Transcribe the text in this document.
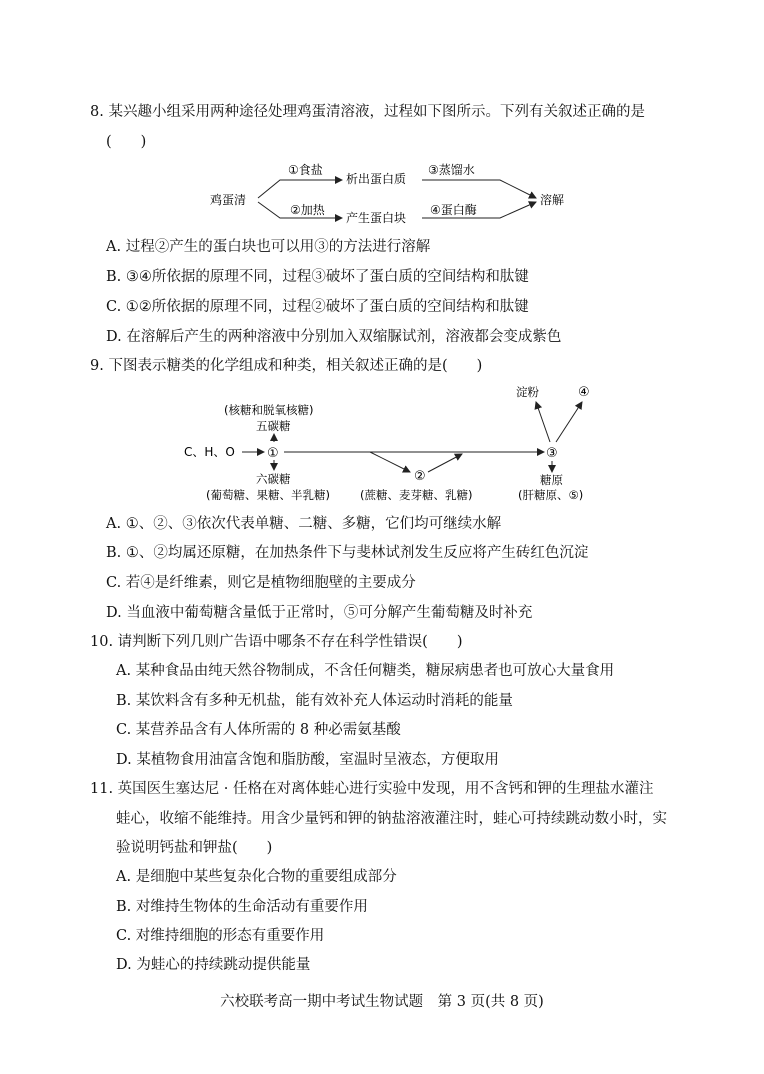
8. 某兴趣小组采用两种途径处理鸡蛋清溶液，过程如下图所示。下列有关叙述正确的是
(　　)
鸡蛋清
①食盐
②加热
析出蛋白质
产生蛋白块
③蒸馏水
④蛋白酶
溶解
A. 过程②产生的蛋白块也可以用③的方法进行溶解
B. ③④所依据的原理不同，过程③破坏了蛋白质的空间结构和肽键
C. ①②所依据的原理不同，过程②破坏了蛋白质的空间结构和肽键
D. 在溶解后产生的两种溶液中分别加入双缩脲试剂，溶液都会变成紫色
9. 下图表示糖类的化学组成和种类，相关叙述正确的是(　　)
C、H、O ①
(核糖和脱氧核糖)
五碳糖
六碳糖
(葡萄糖、果糖、半乳糖)
②
(蔗糖、麦芽糖、乳糖)
③
淀粉	④
糖原
(肝糖原、⑤)
A. ①、②、③依次代表单糖、二糖、多糖，它们均可继续水解
B. ①、②均属还原糖，在加热条件下与斐林试剂发生反应将产生砖红色沉淀
C. 若④是纤维素，则它是植物细胞壁的主要成分
D. 当血液中葡萄糖含量低于正常时，⑤可分解产生葡萄糖及时补充
10. 请判断下列几则广告语中哪条不存在科学性错误(　　)
A. 某种食品由纯天然谷物制成，不含任何糖类，糖尿病患者也可放心大量食用
B. 某饮料含有多种无机盐，能有效补充人体运动时消耗的能量
C. 某营养品含有人体所需的 8 种必需氨基酸
D. 某植物食用油富含饱和脂肪酸，室温时呈液态，方便取用
11. 英国医生塞达尼 · 任格在对离体蛙心进行实验中发现，用不含钙和钾的生理盐水灌注
蛙心，收缩不能维持。用含少量钙和钾的钠盐溶液灌注时，蛙心可持续跳动数小时，实
验说明钙盐和钾盐(　　)
A. 是细胞中某些复杂化合物的重要组成部分
B. 对维持生物体的生命活动有重要作用
C. 对维持细胞的形态有重要作用
D. 为蛙心的持续跳动提供能量
六校联考高一期中考试生物试题　第 3 页(共 8 页)
